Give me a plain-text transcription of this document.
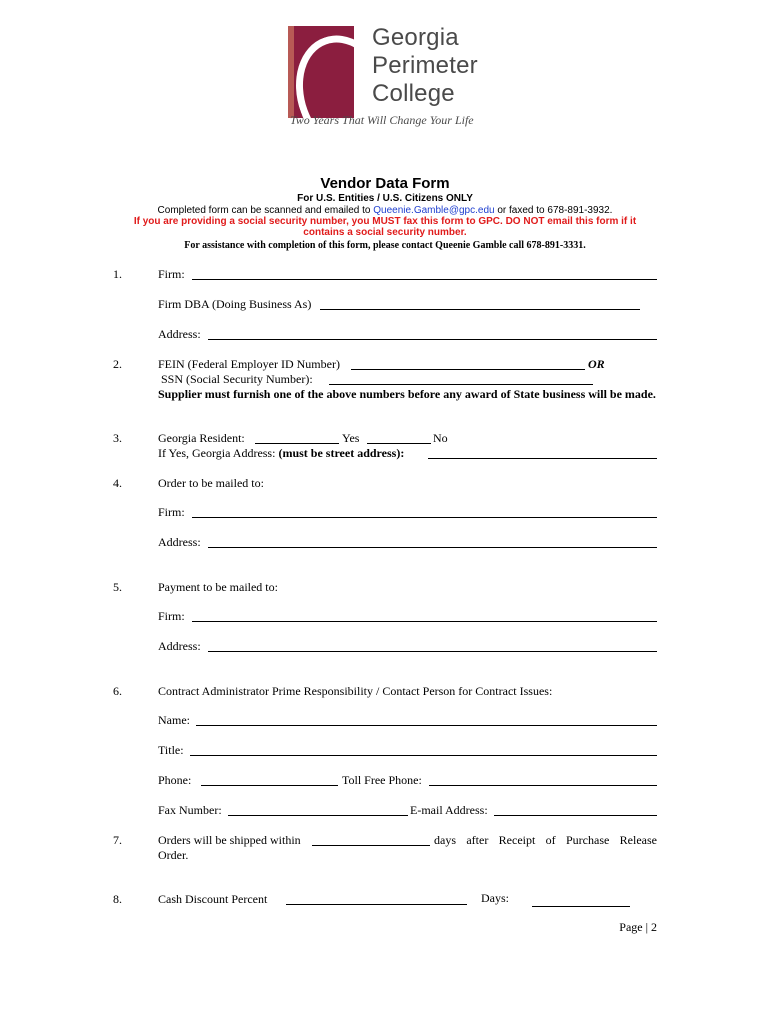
Georgia
Perimeter
College
Two Years That Will Change Your Life
Vendor Data Form
For U.S. Entities / U.S. Citizens ONLY
Completed form can be scanned and emailed to Queenie.Gamble@gpc.edu or faxed to 678-891-3932.
If you are providing a social security number, you MUST fax this form to GPC. DO NOT email this form if it
contains a social security number.
For assistance with completion of this form, please contact Queenie Gamble call 678-891-3331.
1.	Firm:
Firm DBA (Doing Business As)
Address:
2.	FEIN (Federal Employer ID Number)	OR
SSN (Social Security Number):
Supplier must furnish one of the above numbers before any award of State business will be made.
3.	Georgia Resident:	Yes	No
If Yes, Georgia Address: (must be street address):
4.	Order to be mailed to:
Firm:
Address:
5.	Payment to be mailed to:
Firm:
Address:
6.	Contract Administrator Prime Responsibility / Contact Person for Contract Issues:
Name:
Title:
Phone:	Toll Free Phone:
Fax Number:	E-mail Address:
7.	Orders will be shipped within	days after Receipt of Purchase Release
Order.
8.	Cash Discount Percent	Days:
Page | 2
